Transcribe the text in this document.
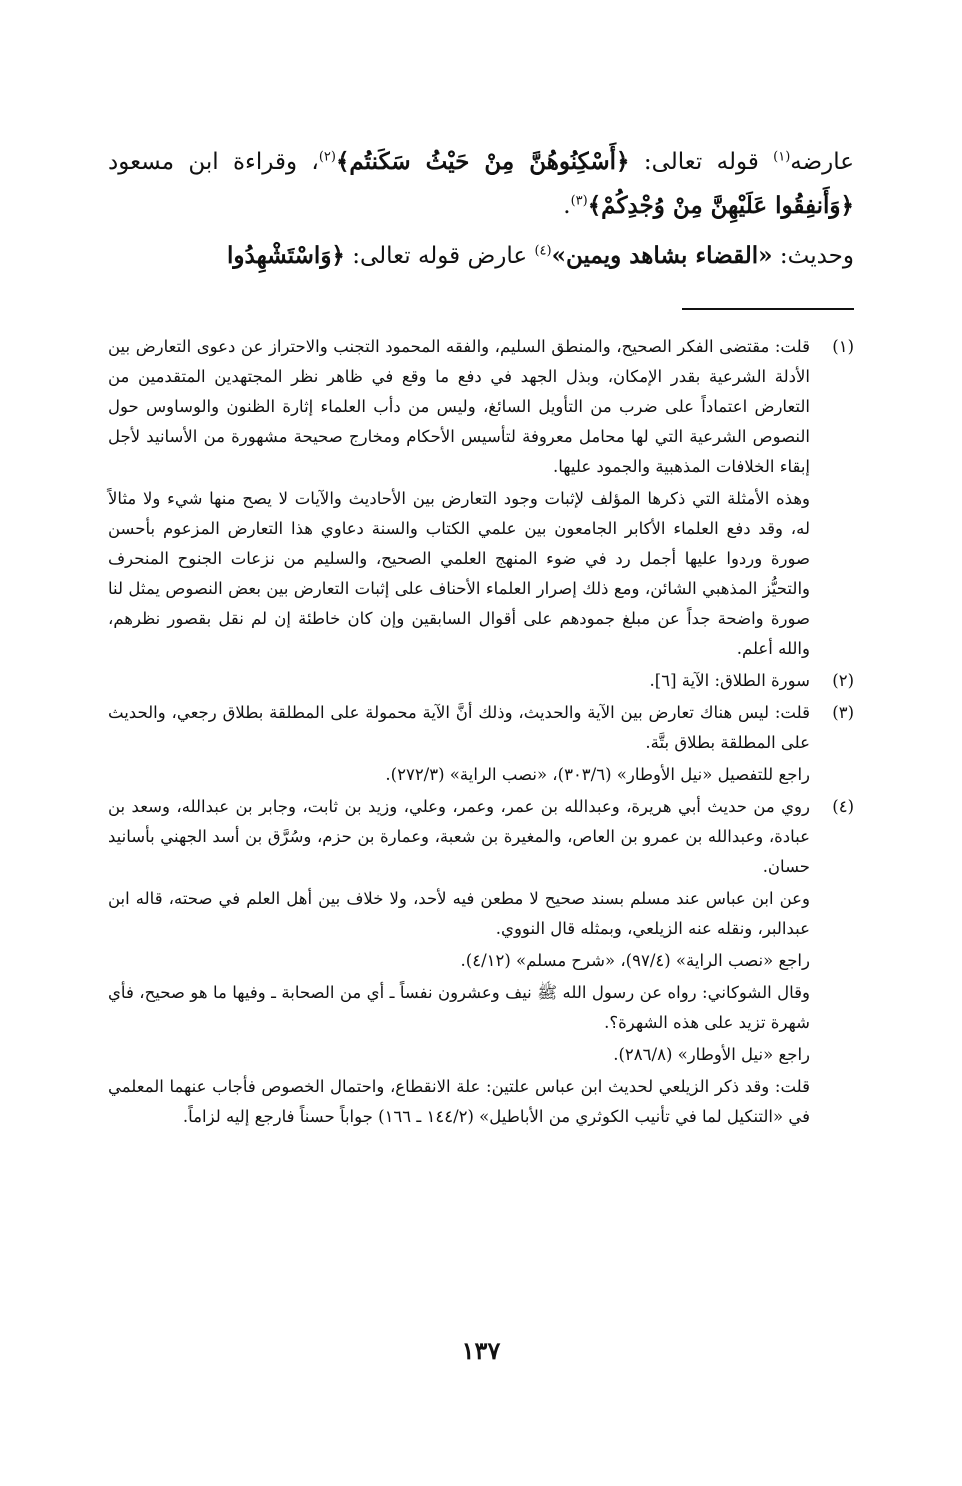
عارضه$^{(١)}$ قوله تعالى: ﴿أَسْكِنُوهُنَّ مِنْ حَيْثُ سَكَنتُم﴾$^{(٢)}$، وقراءة ابن مسعود ﴿وَأَنفِقُوا عَلَيْهِنَّ مِنْ وُجْدِكُمْ﴾$^{(٣)}$.

وحديث: «القضاء بشاهد ويمين»$^{(٤)}$ عارض قوله تعالى: ﴿وَاسْتَشْهِدُوا

(١)

قلت: مقتضى الفكر الصحيح، والمنطق السليم، والفقه المحمود التجنب والاحتراز عن دعوى التعارض بين الأدلة الشرعية بقدر الإمكان، وبذل الجهد في دفع ما وقع في ظاهر نظر المجتهدين المتقدمين من التعارض اعتماداً على ضرب من التأويل السائغ، وليس من دأب العلماء إثارة الظنون والوساوس حول النصوص الشرعية التي لها محامل معروفة لتأسيس الأحكام ومخارج صحيحة مشهورة من الأسانيد لأجل إبقاء الخلافات المذهبية والجمود عليها.

وهذه الأمثلة التي ذكرها المؤلف لإثبات وجود التعارض بين الأحاديث والآيات لا يصح منها شيء ولا مثالاً له، وقد دفع العلماء الأكابر الجامعون بين علمي الكتاب والسنة دعاوي هذا التعارض المزعوم بأحسن صورة وردوا عليها أجمل رد في ضوء المنهج العلمي الصحيح، والسليم من نزعات الجنوح المنحرف والتحيُّز المذهبي الشائن، ومع ذلك إصرار العلماء الأحناف على إثبات التعارض بين بعض النصوص يمثل لنا صورة واضحة جداً عن مبلغ جمودهم على أقوال السابقين وإن كان خاطئة إن لم نقل بقصور نظرهم، والله أعلم.

(٢)

سورة الطلاق: الآية [٦].

(٣)

قلت: ليس هناك تعارض بين الآية والحديث، وذلك أنَّ الآية محمولة على المطلقة بطلاق رجعي، والحديث على المطلقة بطلاق بتَّة.

راجع للتفصيل «نيل الأوطار» (٣٠٣/٦)، «نصب الراية» (٢٧٢/٣).

(٤)

روي من حديث أبي هريرة، وعبدالله بن عمر، وعمر، وعلي، وزيد بن ثابت، وجابر بن عبدالله، وسعد بن عبادة، وعبدالله بن عمرو بن العاص، والمغيرة بن شعبة، وعمارة بن حزم، وسُرَّق بن أسد الجهني بأسانيد حسان.

وعن ابن عباس عند مسلم بسند صحيح لا مطعن فيه لأحد، ولا خلاف بين أهل العلم في صحته، قاله ابن عبدالبر، ونقله عنه الزيلعي، وبمثله قال النووي.

راجع «نصب الراية» (٩٧/٤)، «شرح مسلم» (٤/١٢).

وقال الشوكاني: رواه عن رسول الله ﷺ نيف وعشرون نفساً ـ أي من الصحابة ـ وفيها ما هو صحيح، فأي شهرة تزيد على هذه الشهرة؟.

راجع «نيل الأوطار» (٢٨٦/٨).

قلت: وقد ذكر الزيلعي لحديث ابن عباس علتين: علة الانقطاع، واحتمال الخصوص فأجاب عنهما المعلمي في «التنكيل لما في تأنيب الكوثري من الأباطيل» (١٤٤/٢ ـ ١٦٦) جواباً حسناً فارجع إليه لزاماً.

١٣٧
